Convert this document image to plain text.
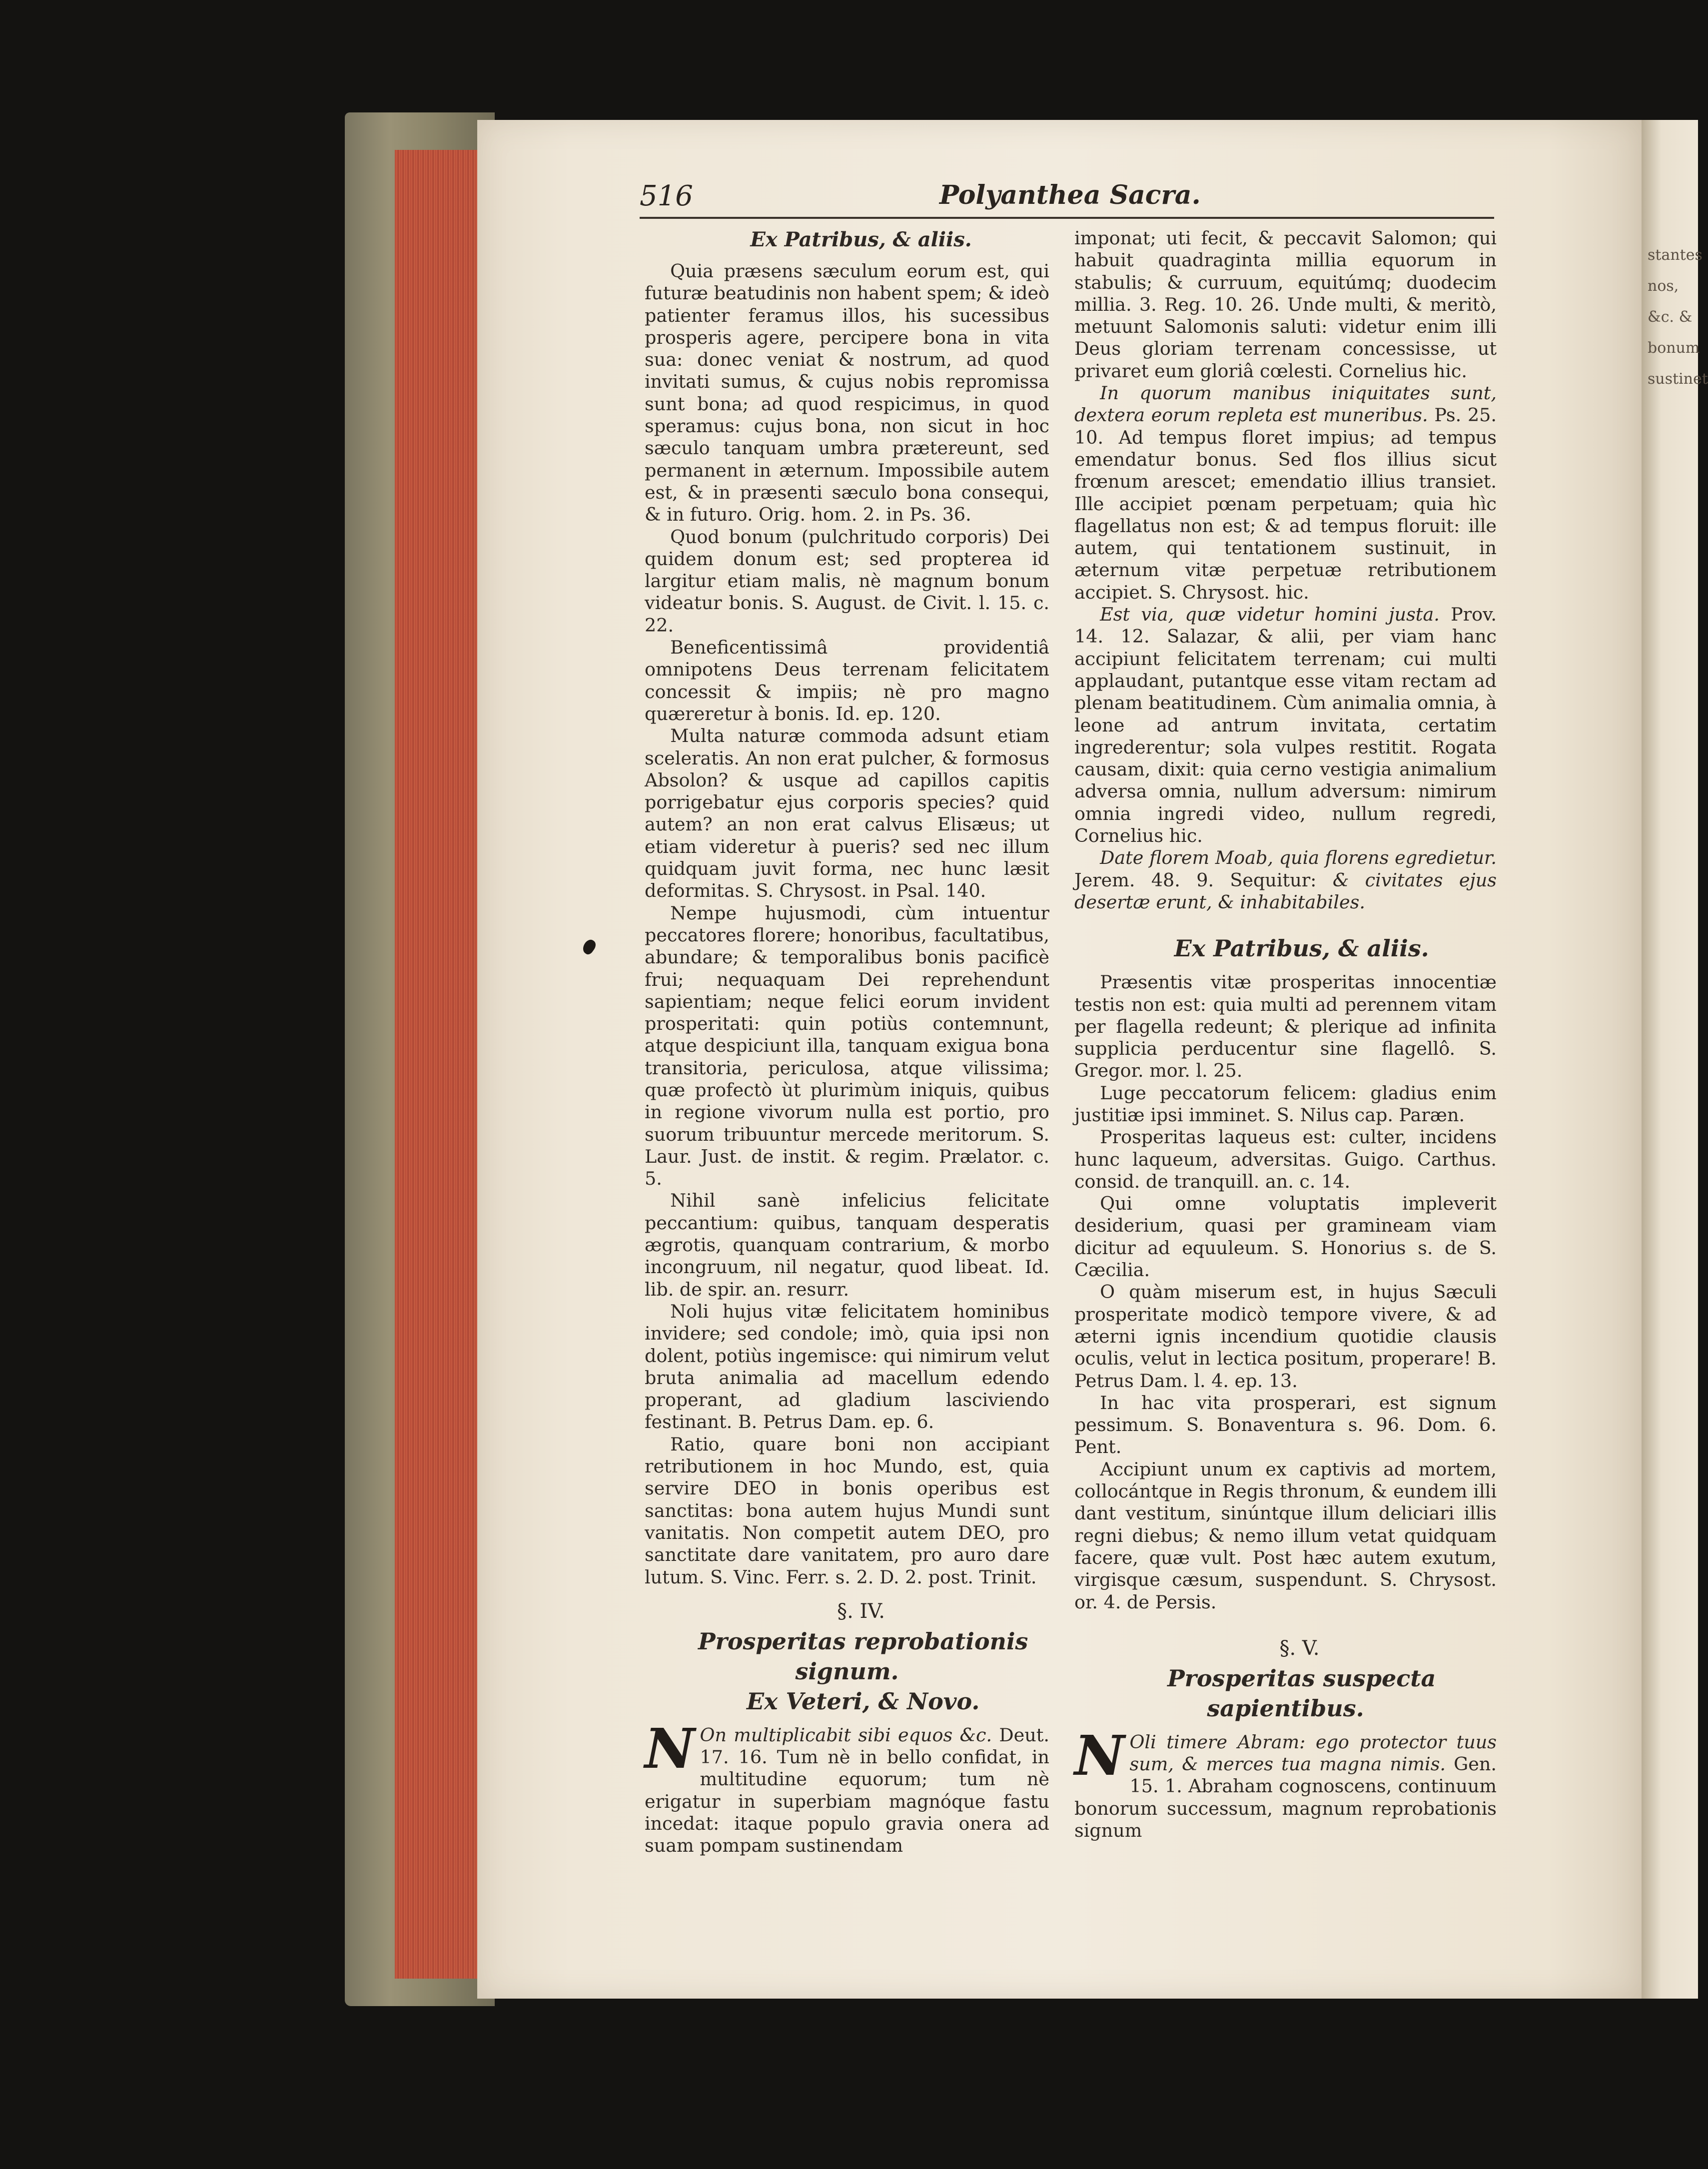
stantes nos, &c. & bonum sustinet
516	Polyanthea Sacra.

Ex Patribus, & aliis.

Quia præsens sæculum eorum est, qui futuræ beatudinis non habent spem; & ideò patienter feramus illos, his sucessibus prosperis agere, percipere bona in vita sua: donec veniat & nostrum, ad quod invitati sumus, & cujus nobis repromissa sunt bona; ad quod respicimus, in quod speramus: cujus bona, non sicut in hoc sæculo tanquam umbra prætereunt, sed permanent in æternum. Impossibile autem est, & in præsenti sæculo bona consequi, & in futuro. Orig. hom. 2. in Ps. 36.

Quod bonum (pulchritudo corporis) Dei quidem donum est; sed propterea id largitur etiam malis, nè magnum bonum videatur bonis. S. August. de Civit. l. 15. c. 22.

Beneficentissimâ providentiâ omnipotens Deus terrenam felicitatem concessit & impiis; nè pro magno quæreretur à bonis. Id. ep. 120.

Multa naturæ commoda adsunt etiam sceleratis. An non erat pulcher, & formosus Absolon? & usque ad capillos capitis porrigebatur ejus corporis species? quid autem? an non erat calvus Elisæus; ut etiam videretur à pueris? sed nec illum quidquam juvit forma, nec hunc læsit deformitas. S. Chrysost. in Psal. 140.

Nempe hujusmodi, cùm intuentur peccatores florere; honoribus, facultatibus, abundare; & temporalibus bonis pacificè frui; nequaquam Dei reprehendunt sapientiam; neque felici eorum invident prosperitati: quin potiùs contemnunt, atque despiciunt illa, tanquam exigua bona transitoria, periculosa, atque vilissima; quæ profectò ùt plurimùm iniquis, quibus in regione vivorum nulla est portio, pro suorum tribuuntur mercede meritorum. S. Laur. Just. de instit. & regim. Prælator. c. 5.

Nihil sanè infelicius felicitate peccantium: quibus, tanquam desperatis ægrotis, quanquam contrarium, & morbo incongruum, nil negatur, quod libeat. Id. lib. de spir. an. resurr.

Noli hujus vitæ felicitatem hominibus invidere; sed condole; imò, quia ipsi non dolent, potiùs ingemisce: qui nimirum velut bruta animalia ad macellum edendo properant, ad gladium lasciviendo festinant. B. Petrus Dam. ep. 6.

Ratio, quare boni non accipiant retributionem in hoc Mundo, est, quia servire DEO in bonis operibus est sanctitas: bona autem hujus Mundi sunt vanitatis. Non competit autem DEO, pro sanctitate dare vanitatem, pro auro dare lutum. S. Vinc. Ferr. s. 2. D. 2. post. Trinit.

§. IV.

Prosperitas reprobationis signum.

Ex Veteri, & Novo.

N On multiplicabit sibi equos &c. Deut. 17. 16. Tum nè in bello confidat, in multitudine equorum; tum nè erigatur in superbiam magnóque fastu incedat: itaque populo gravia onera ad suam pompam sustinendam

imponat; uti fecit, & peccavit Salomon; qui habuit quadraginta millia equorum in stabulis; & curruum, equitúmq; duodecim millia. 3. Reg. 10. 26. Unde multi, & meritò, metuunt Salomonis saluti: videtur enim illi Deus gloriam terrenam concessisse, ut privaret eum gloriâ cœlesti. Cornelius hic.

In quorum manibus iniquitates sunt, dextera eorum repleta est muneribus. Ps. 25. 10. Ad tempus floret impius; ad tempus emendatur bonus. Sed flos illius sicut frœnum arescet; emendatio illius transiet. Ille accipiet pœnam perpetuam; quia hìc flagellatus non est; & ad tempus floruit: ille autem, qui tentationem sustinuit, in æternum vitæ perpetuæ retributionem accipiet. S. Chrysost. hic.

Est via, quæ videtur homini justa. Prov. 14. 12. Salazar, & alii, per viam hanc accipiunt felicitatem terrenam; cui multi applaudant, putantque esse vitam rectam ad plenam beatitudinem. Cùm animalia omnia, à leone ad antrum invitata, certatim ingrederentur; sola vulpes restitit. Rogata causam, dixit: quia cerno vestigia animalium adversa omnia, nullum adversum: nimirum omnia ingredi video, nullum regredi, Cornelius hic.

Date florem Moab, quia florens egredietur. Jerem. 48. 9. Sequitur: & civitates ejus desertæ erunt, & inhabitabiles.

Ex Patribus, & aliis.

Præsentis vitæ prosperitas innocentiæ testis non est: quia multi ad perennem vitam per flagella redeunt; & plerique ad infinita supplicia perducentur sine flagellô. S. Gregor. mor. l. 25.

Luge peccatorum felicem: gladius enim justitiæ ipsi imminet. S. Nilus cap. Paræn.

Prosperitas laqueus est: culter, incidens hunc laqueum, adversitas. Guigo. Carthus. consid. de tranquill. an. c. 14.

Qui omne voluptatis impleverit desiderium, quasi per gramineam viam dicitur ad equuleum. S. Honorius s. de S. Cæcilia.

O quàm miserum est, in hujus Sæculi prosperitate modicò tempore vivere, & ad æterni ignis incendium quotidie clausis oculis, velut in lectica positum, properare! B. Petrus Dam. l. 4. ep. 13.

In hac vita prosperari, est signum pessimum. S. Bonaventura s. 96. Dom. 6. Pent.

Accipiunt unum ex captivis ad mortem, collocántque in Regis thronum, & eundem illi dant vestitum, sinúntque illum deliciari illis regni diebus; & nemo illum vetat quidquam facere, quæ vult. Post hæc autem exutum, virgisque cæsum, suspendunt. S. Chrysost. or. 4. de Persis.

§. V.

Prosperitas suspecta sapientibus.

N Oli timere Abram: ego protector tuus sum, & merces tua magna nimis. Gen. 15. 1. Abraham cognoscens, continuum bonorum successum, magnum reprobationis signum
